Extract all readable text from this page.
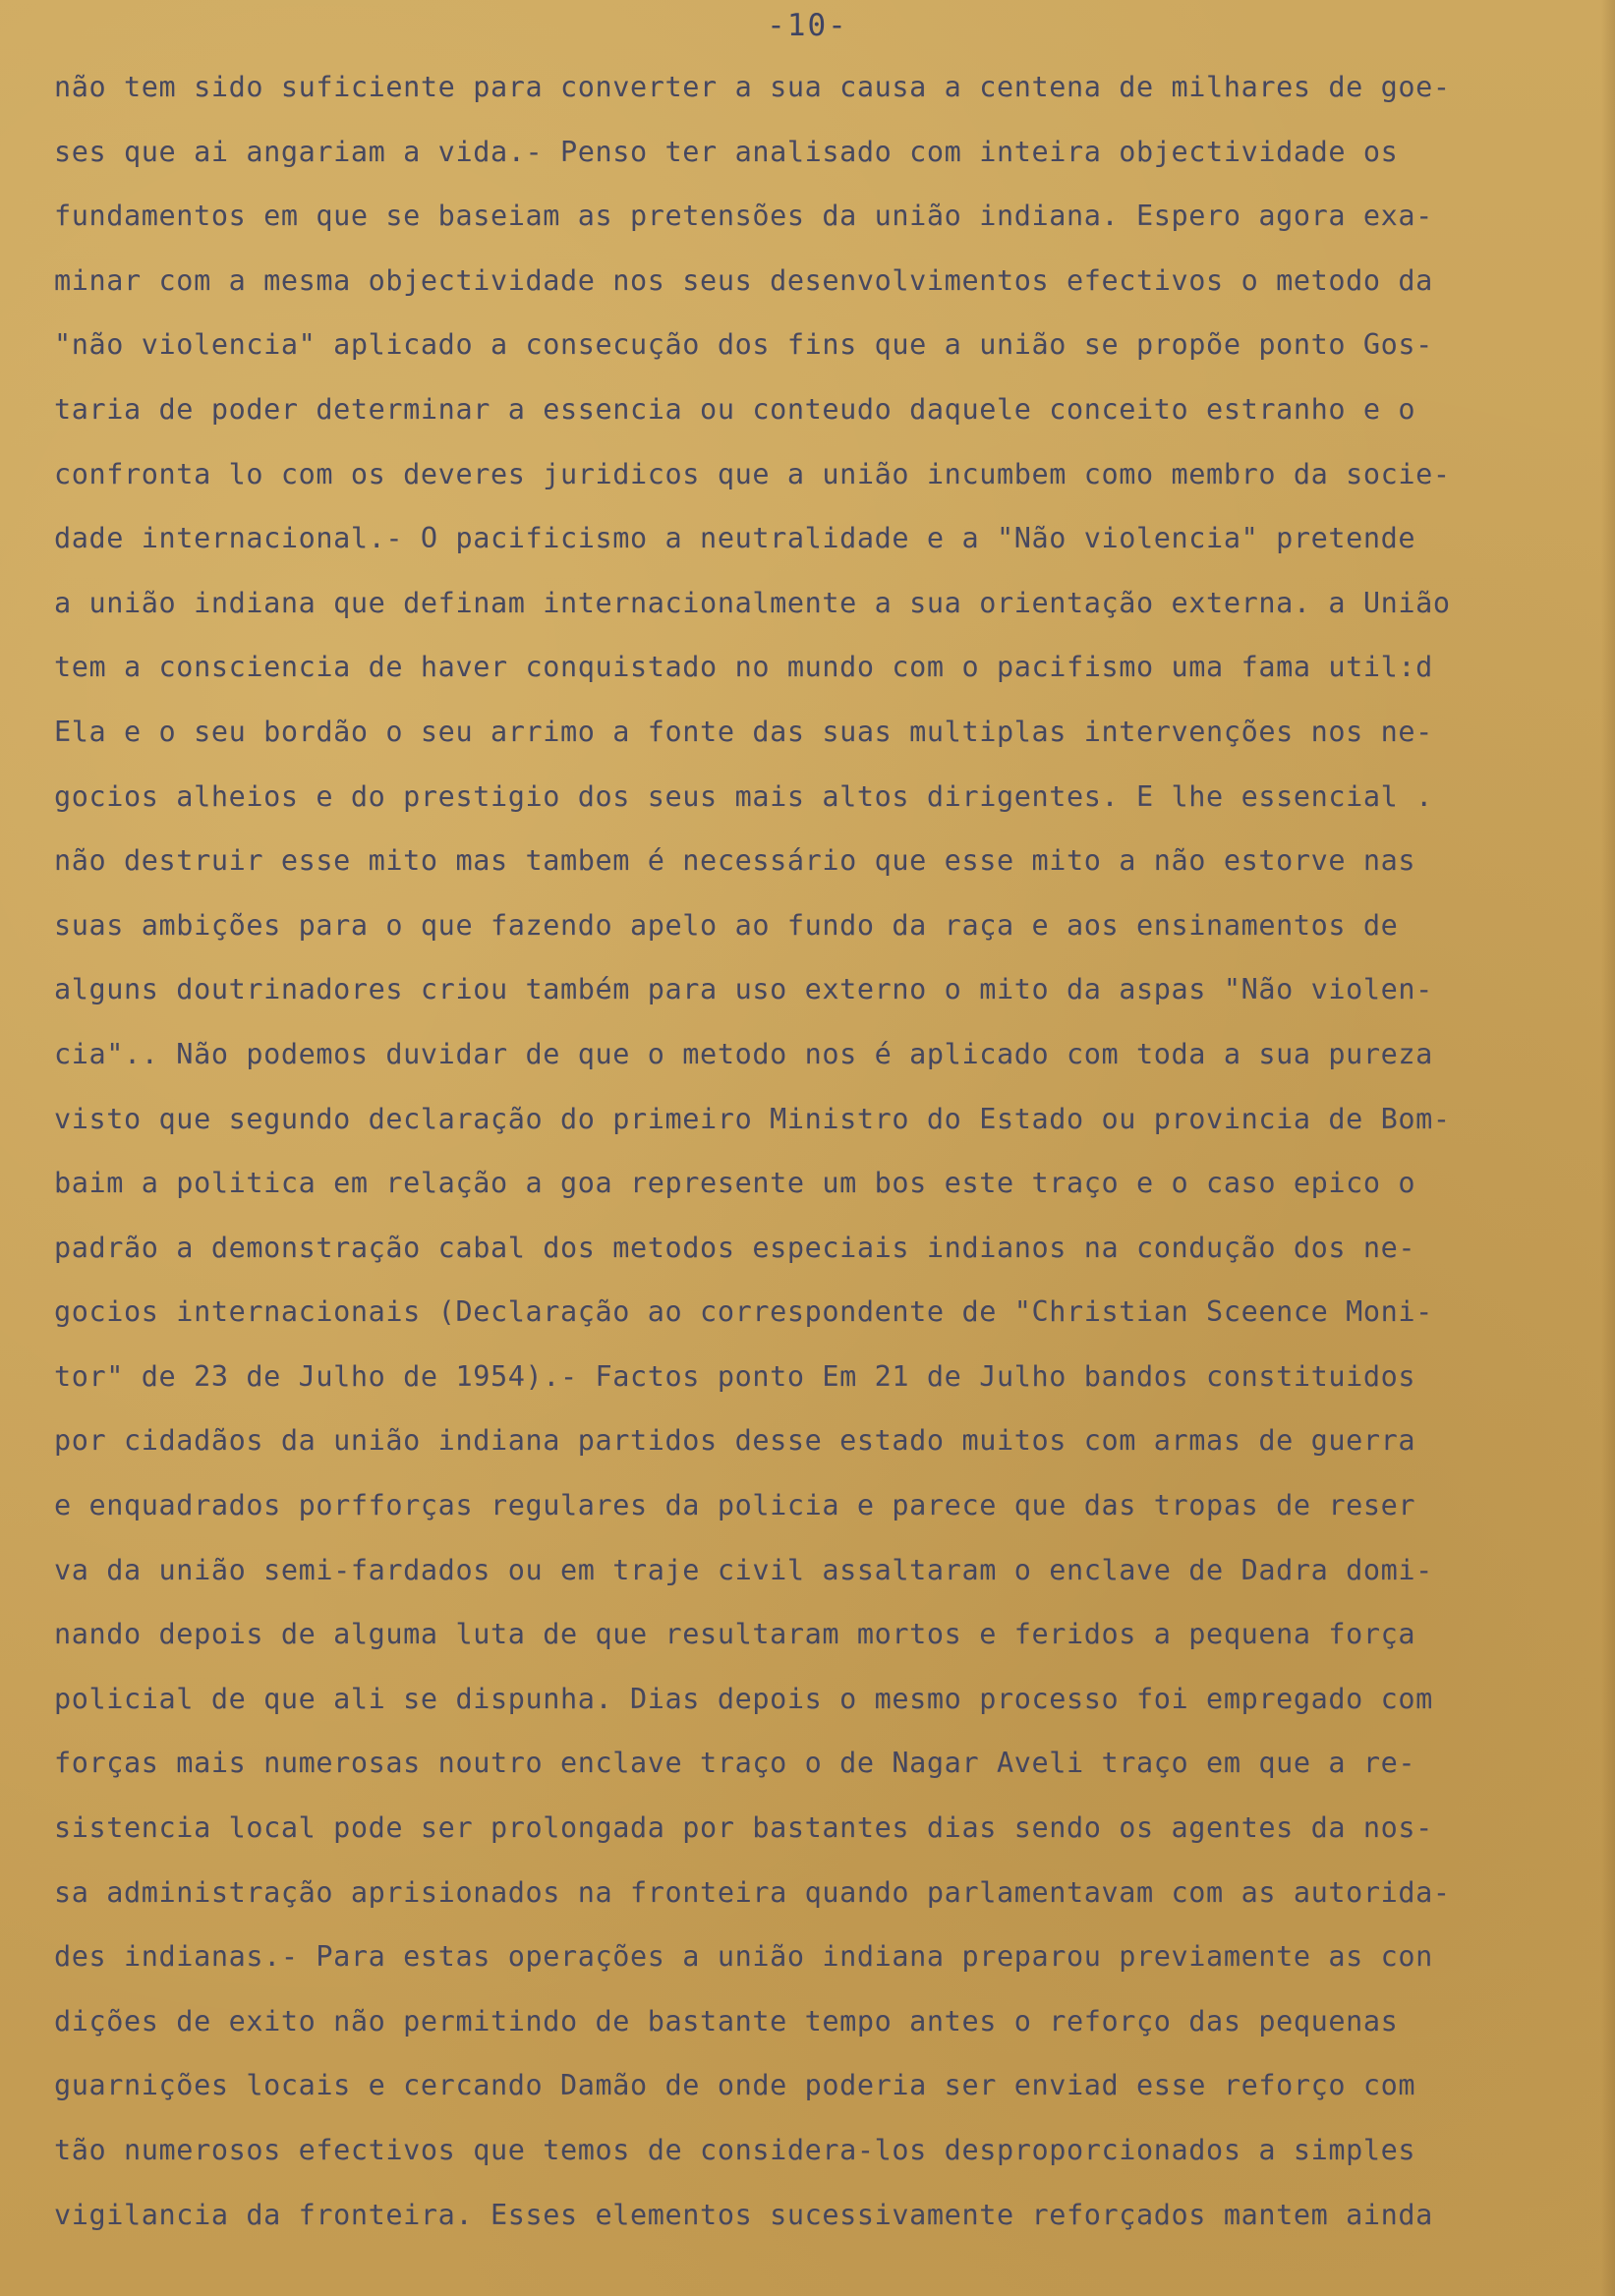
-10-
não tem sido suficiente para converter a sua causa a centena de milhares de goe-
ses que ai angariam a vida.- Penso ter analisado com inteira objectividade os
fundamentos em que se baseiam as pretensões da união indiana. Espero agora exa-
minar com a mesma objectividade nos seus desenvolvimentos efectivos o metodo da
"não violencia" aplicado a consecução dos fins que a união se propõe ponto Gos-
taria de poder determinar a essencia ou conteudo daquele conceito estranho e o
confronta lo com os deveres juridicos que a união incumbem como membro da socie-
dade internacional.- O pacificismo a neutralidade e a "Não violencia" pretende
a união indiana que definam internacionalmente a sua orientação externa. a União
tem a consciencia de haver conquistado no mundo com o pacifismo uma fama util:d
Ela e o seu bordão o seu arrimo a fonte das suas multiplas intervenções nos ne-
gocios alheios e do prestigio dos seus mais altos dirigentes. E lhe essencial .
não destruir esse mito mas tambem é necessário que esse mito a não estorve nas
suas ambições para o que fazendo apelo ao fundo da raça e aos ensinamentos de
alguns doutrinadores criou também para uso externo o mito da aspas "Não violen-
cia".. Não podemos duvidar de que o metodo nos é aplicado com toda a sua pureza
visto que segundo declaração do primeiro Ministro do Estado ou provincia de Bom-
baim a politica em relação a goa represente um bos este traço e o caso epico o
padrão a demonstração cabal dos metodos especiais indianos na condução dos ne-
gocios internacionais (Declaração ao correspondente de "Christian Sceence Moni-
tor" de 23 de Julho de 1954).- Factos ponto Em 21 de Julho bandos constituidos
por cidadãos da união indiana partidos desse estado muitos com armas de guerra
e enquadrados porfforças regulares da policia e parece que das tropas de reser
va da união semi-fardados ou em traje civil assaltaram o enclave de Dadra domi-
nando depois de alguma luta de que resultaram mortos e feridos a pequena força
policial de que ali se dispunha. Dias depois o mesmo processo foi empregado com
forças mais numerosas noutro enclave traço o de Nagar Aveli traço em que a re-
sistencia local pode ser prolongada por bastantes dias sendo os agentes da nos-
sa administração aprisionados na fronteira quando parlamentavam com as autorida-
des indianas.- Para estas operações a união indiana preparou previamente as con
dições de exito não permitindo de bastante tempo antes o reforço das pequenas
guarnições locais e cercando Damão de onde poderia ser enviad esse reforço com
tão numerosos efectivos que temos de considera-los desproporcionados a simples
vigilancia da fronteira. Esses elementos sucessivamente reforçados mantem ainda
